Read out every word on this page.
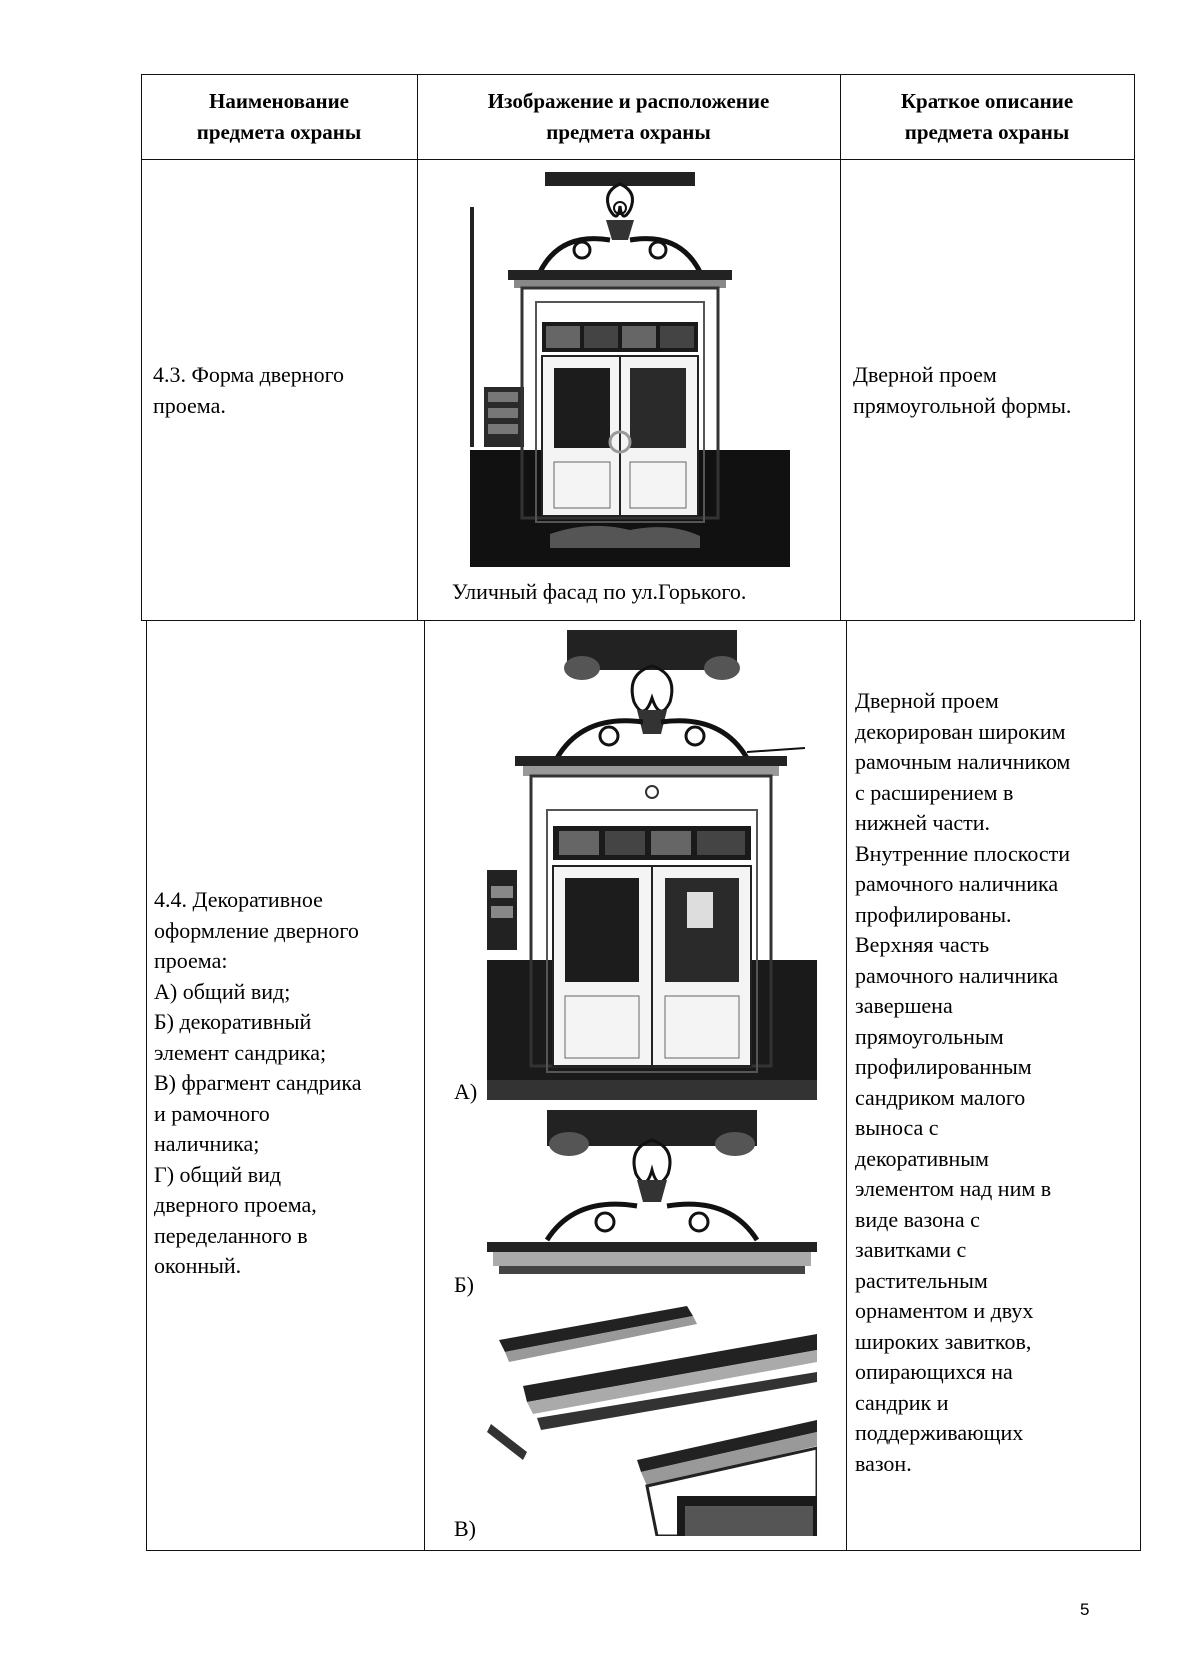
Наименование
предмета охраны
Изображение и расположение
предмета охраны
Краткое описание
предмета охраны
4.3. Форма дверного
проема.
Уличный фасад по ул.Горького.
Дверной проем
прямоугольной формы.
4.4. Декоративное
оформление дверного
проема:
А) общий вид;
Б) декоративный
элемент сандрика;
В) фрагмент сандрика
и рамочного
наличника;
Г) общий вид
дверного проема,
переделанного в
оконный.
А)
Б)
В)
Дверной проем
декорирован широким
рамочным наличником
с расширением в
нижней части.
Внутренние плоскости
рамочного наличника
профилированы.
Верхняя часть
рамочного наличника
завершена
прямоугольным
профилированным
сандриком малого
выноса с
декоративным
элементом над ним в
виде вазона с
завитками с
растительным
орнаментом и двух
широких завитков,
опирающихся на
сандрик и
поддерживающих
вазон.
5
